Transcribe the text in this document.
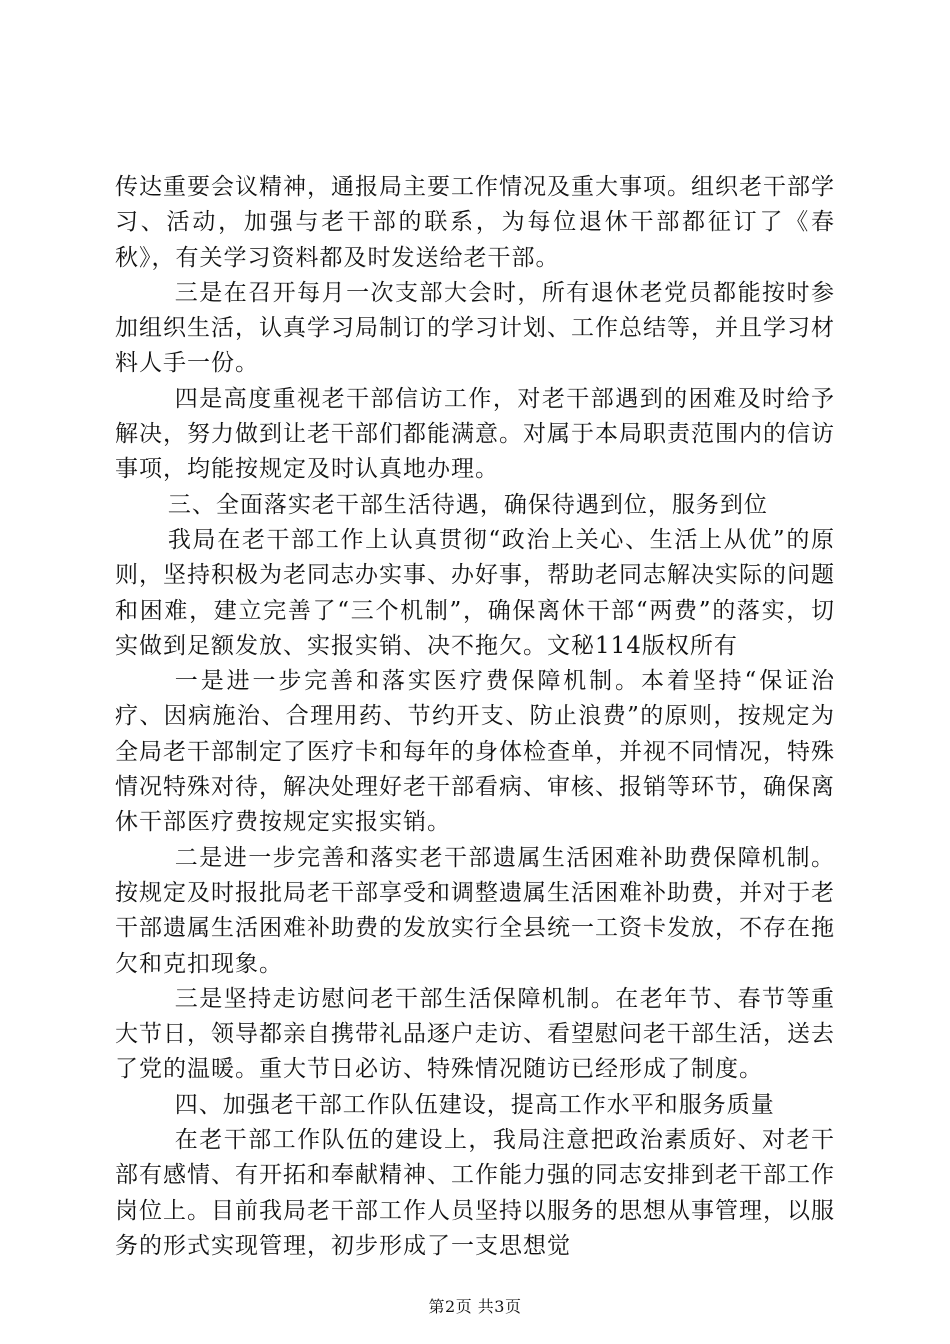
传达重要会议精神，通报局主要工作情况及重大事项。组织老干部学习、活动，加强与老干部的联系，为每位退休干部都征订了《春秋》，有关学习资料都及时发送给老干部。

三是在召开每月一次支部大会时，所有退休老党员都能按时参加组织生活，认真学习局制订的学习计划、工作总结等，并且学习材料人手一份。

四是高度重视老干部信访工作，对老干部遇到的困难及时给予解决，努力做到让老干部们都能满意。对属于本局职责范围内的信访事项，均能按规定及时认真地办理。

三、全面落实老干部生活待遇，确保待遇到位，服务到位

我局在老干部工作上认真贯彻“政治上关心、生活上从优”的原则，坚持积极为老同志办实事、办好事，帮助老同志解决实际的问题和困难，建立完善了“三个机制”，确保离休干部“两费”的落实，切实做到足额发放、实报实销、决不拖欠。文秘114版权所有

一是进一步完善和落实医疗费保障机制。本着坚持“保证治疗、因病施治、合理用药、节约开支、防止浪费”的原则，按规定为全局老干部制定了医疗卡和每年的身体检查单，并视不同情况，特殊情况特殊对待，解决处理好老干部看病、审核、报销等环节，确保离休干部医疗费按规定实报实销。

二是进一步完善和落实老干部遗属生活困难补助费保障机制。按规定及时报批局老干部享受和调整遗属生活困难补助费，并对于老干部遗属生活困难补助费的发放实行全县统一工资卡发放，不存在拖欠和克扣现象。

三是坚持走访慰问老干部生活保障机制。在老年节、春节等重大节日，领导都亲自携带礼品逐户走访、看望慰问老干部生活，送去了党的温暖。重大节日必访、特殊情况随访已经形成了制度。

四、加强老干部工作队伍建设，提高工作水平和服务质量

在老干部工作队伍的建设上，我局注意把政治素质好、对老干部有感情、有开拓和奉献精神、工作能力强的同志安排到老干部工作岗位上。目前我局老干部工作人员坚持以服务的思想从事管理，以服务的形式实现管理，初步形成了一支思想觉

第2页 共3页
